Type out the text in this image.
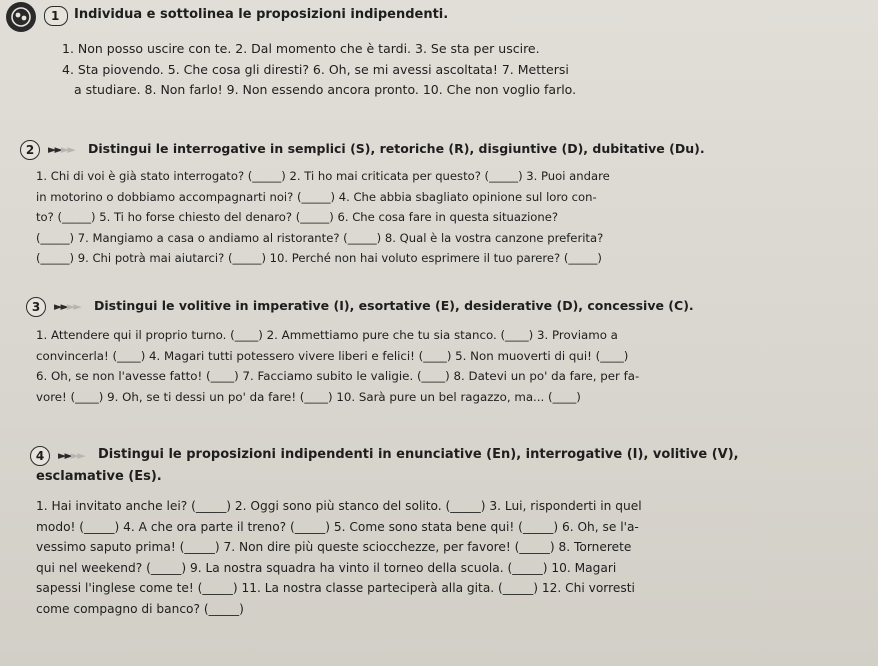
1	Individua e sottolinea le proposizioni indipendenti.
1. Non posso uscire con te. 2. Dal momento che è tardi. 3. Se sta per uscire.
4. Sta piovendo. 5. Che cosa gli diresti? 6. Oh, se mi avessi ascoltata! 7. Mettersi
a studiare. 8. Non farlo! 9. Non essendo ancora pronto. 10. Che non voglio farlo.
2	►►►► Distingui le interrogative in semplici (S), retoriche (R), disgiuntive (D), dubitative (Du).
1. Chi di voi è già stato interrogato? (_____) 2. Ti ho mai criticata per questo? (_____) 3. Puoi andare
in motorino o dobbiamo accompagnarti noi? (_____) 4. Che abbia sbagliato opinione sul loro con-
to? (_____) 5. Ti ho forse chiesto del denaro? (_____) 6. Che cosa fare in questa situazione?
(_____) 7. Mangiamo a casa o andiamo al ristorante? (_____) 8. Qual è la vostra canzone preferita?
(_____) 9. Chi potrà mai aiutarci? (_____) 10. Perché non hai voluto esprimere il tuo parere? (_____)
3	►►►► Distingui le volitive in imperative (I), esortative (E), desiderative (D), concessive (C).
1. Attendere qui il proprio turno. (____) 2. Ammettiamo pure che tu sia stanco. (____) 3. Proviamo a
convincerla! (____) 4. Magari tutti potessero vivere liberi e felici! (____) 5. Non muoverti di qui! (____)
6. Oh, se non l'avesse fatto! (____) 7. Facciamo subito le valigie. (____) 8. Datevi un po' da fare, per fa-
vore! (____) 9. Oh, se ti dessi un po' da fare! (____) 10. Sarà pure un bel ragazzo, ma... (____)
4	►►►► Distingui le proposizioni indipendenti in enunciative (En), interrogative (I), volitive (V),
esclamative (Es).
1. Hai invitato anche lei? (_____) 2. Oggi sono più stanco del solito. (_____) 3. Lui, risponderti in quel
modo! (_____) 4. A che ora parte il treno? (_____) 5. Come sono stata bene qui! (_____) 6. Oh, se l'a-
vessimo saputo prima! (_____) 7. Non dire più queste sciocchezze, per favore! (_____) 8. Tornerete
qui nel weekend? (_____) 9. La nostra squadra ha vinto il torneo della scuola. (_____) 10. Magari
sapessi l'inglese come te! (_____) 11. La nostra classe parteciperà alla gita. (_____) 12. Chi vorresti
come compagno di banco? (_____)
